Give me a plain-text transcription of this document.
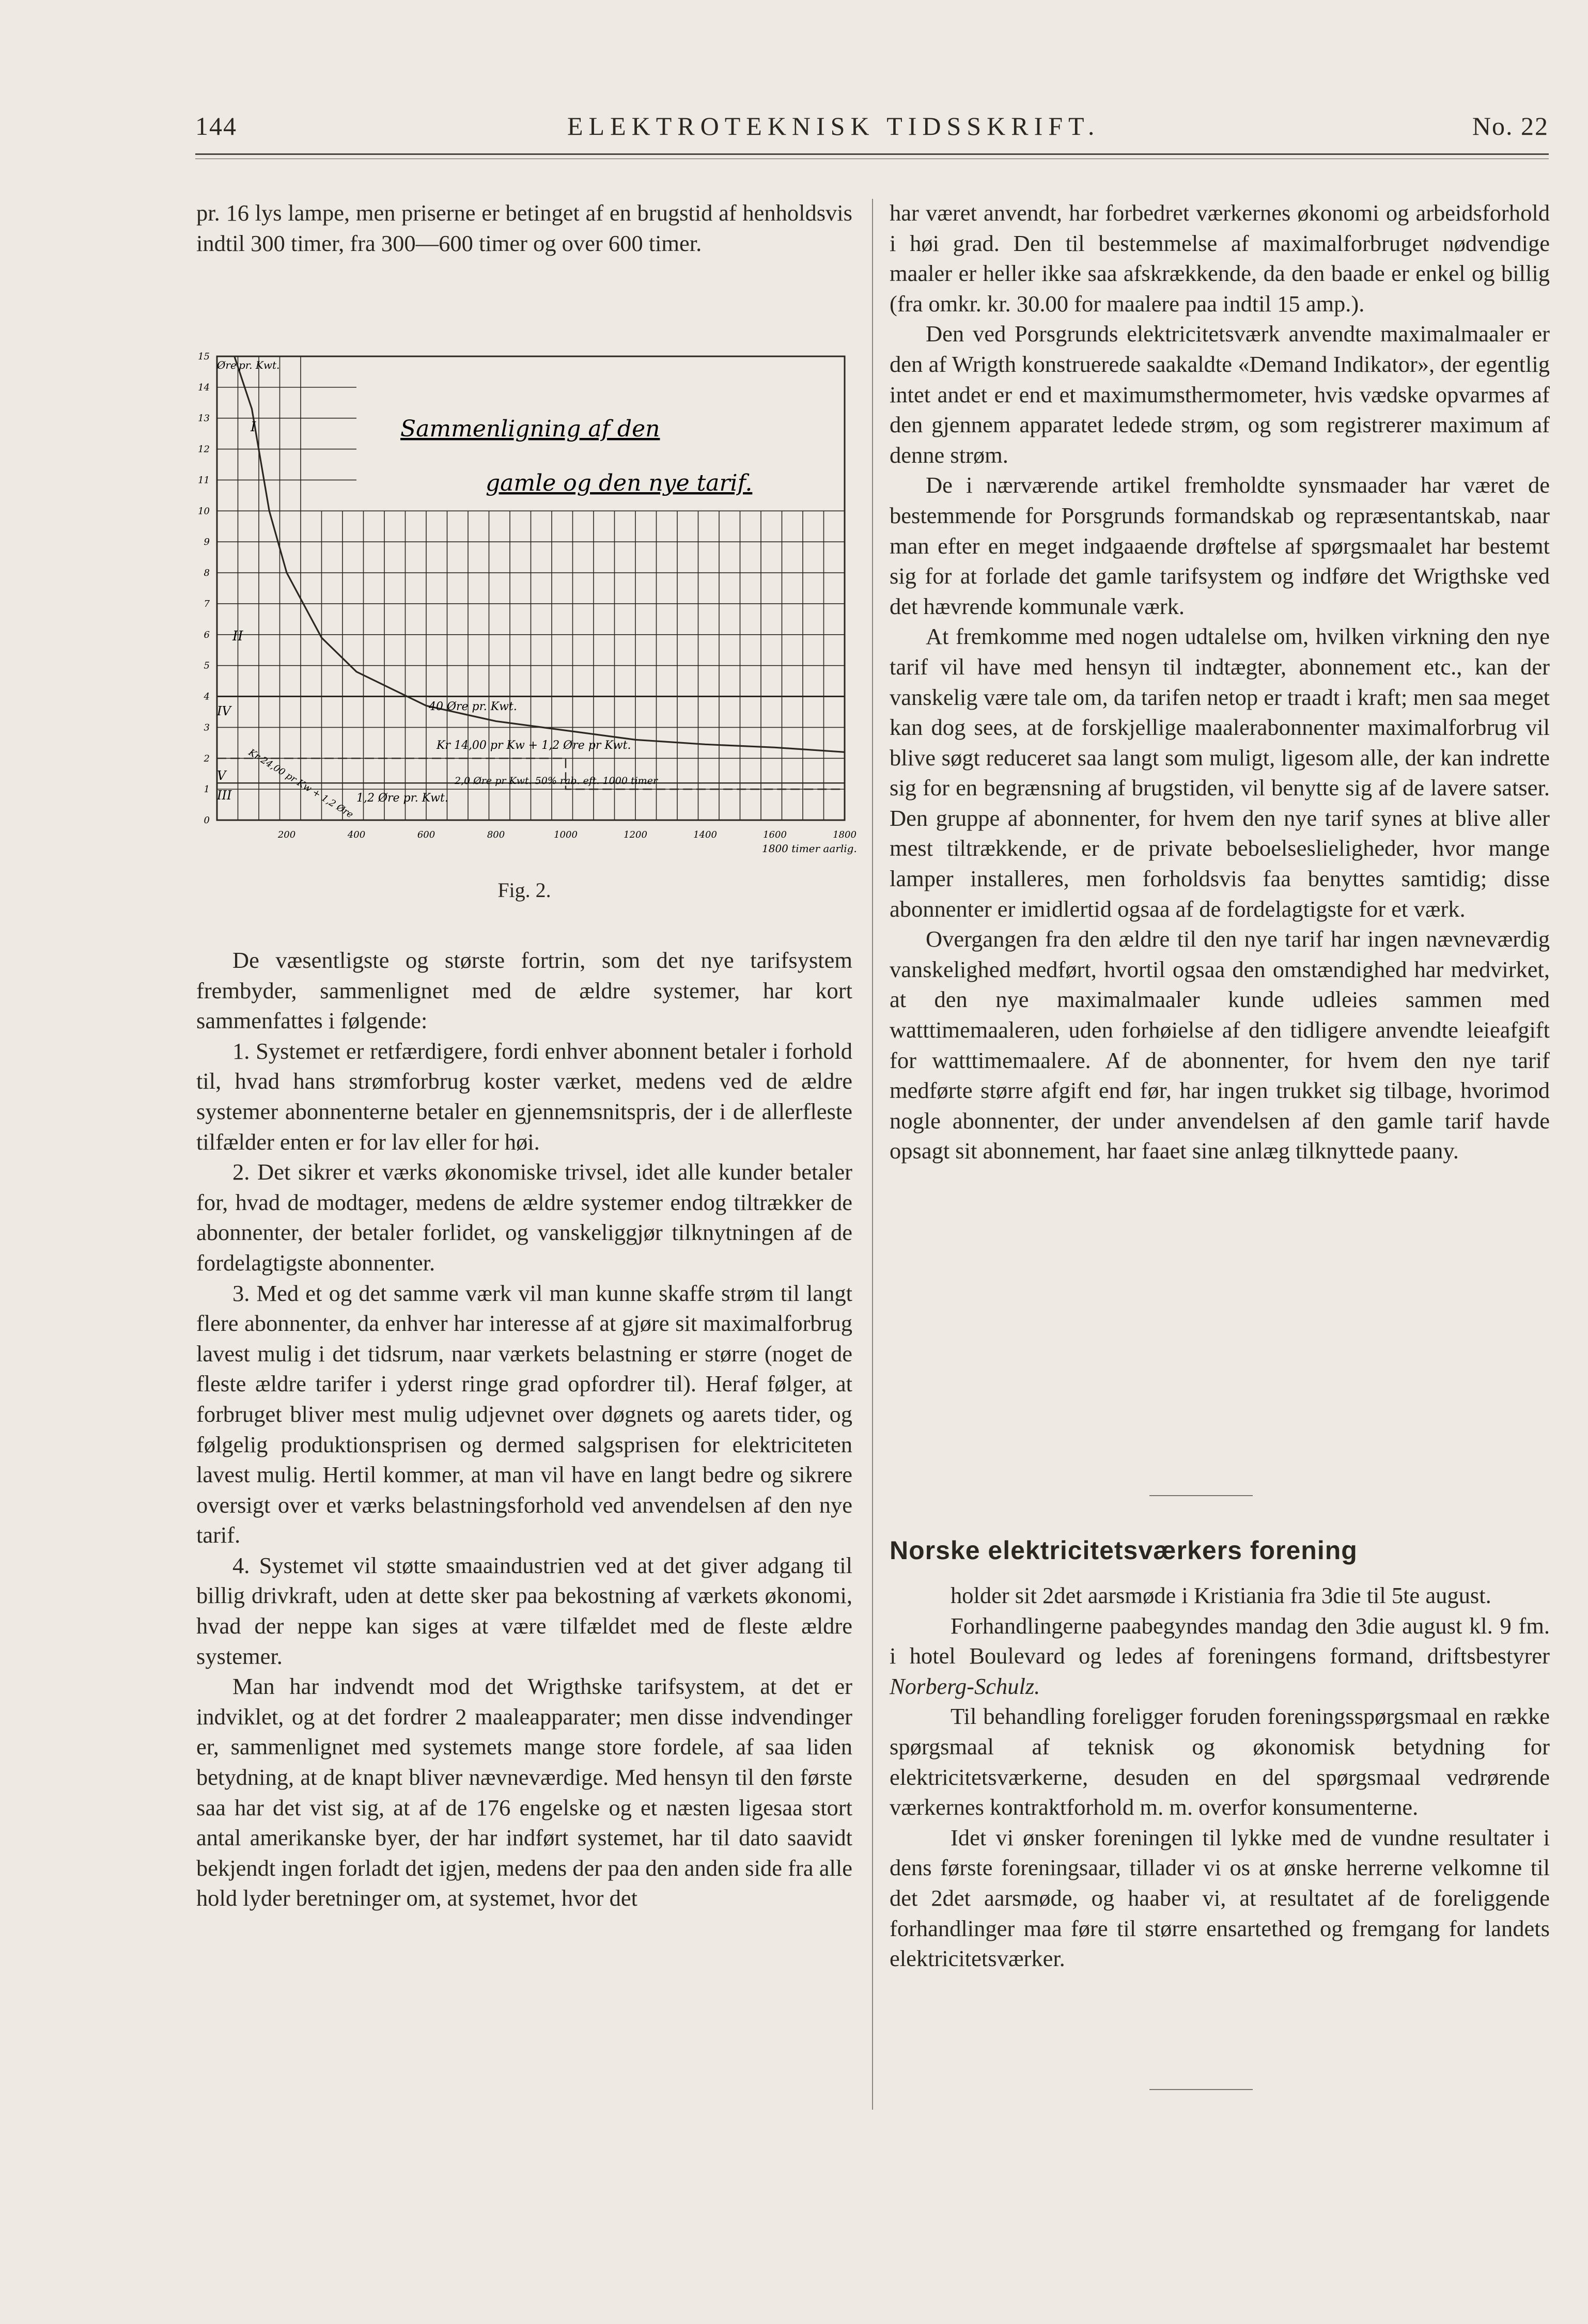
144	ELEKTROTEKNISK TIDSSKRIFT.	No. 22

pr. 16 lys lampe, men priserne er betinget af en brugstid af henholdsvis indtil 300 timer, fra 300—600 timer og over 600 timer.

0
1
2
3
4
5
6
7
8
9
10
11
12
13
14
15
200	400	600	800	1000	1200	1400	1600	1800
Øre pr. Kwt.
Sammenligning af den
gamle og den nye tarif.
I
II
IV
V
III
40 Øre pr. Kwt.
Kr 14,00 pr Kw + 1,2 Øre pr Kwt.
2,0 Øre pr Kwt. 50% rab. eft. 1000 timer
Kr 24,00 pr Kw + 1,2 Øre 1,2 Øre pr. Kwt.
1800 timer aarlig.
Fig. 2.

De væsentligste og største fortrin, som det nye tarifsystem frembyder, sammenlignet med de ældre systemer, har kort sammenfattes i følgende:

1. Systemet er retfærdigere, fordi enhver abonnent betaler i forhold til, hvad hans strømforbrug koster værket, medens ved de ældre systemer abonnenterne betaler en gjennemsnitspris, der i de allerfleste tilfælder enten er for lav eller for høi.

2. Det sikrer et værks økonomiske trivsel, idet alle kunder betaler for, hvad de modtager, medens de ældre systemer endog tiltrækker de abonnenter, der betaler forlidet, og vanskeliggjør tilknytningen af de fordelagtigste abonnenter.

3. Med et og det samme værk vil man kunne skaffe strøm til langt flere abonnenter, da enhver har interesse af at gjøre sit maximalforbrug lavest mulig i det tidsrum, naar værkets belastning er større (noget de fleste ældre tarifer i yderst ringe grad opfordrer til). Heraf følger, at forbruget bliver mest mulig udjevnet over døgnets og aarets tider, og følgelig produktionsprisen og dermed salgsprisen for elektriciteten lavest mulig. Hertil kommer, at man vil have en langt bedre og sikrere oversigt over et værks belastningsforhold ved anvendelsen af den nye tarif.

4. Systemet vil støtte smaaindustrien ved at det giver adgang til billig drivkraft, uden at dette sker paa bekostning af værkets økonomi, hvad der neppe kan siges at være tilfældet med de fleste ældre systemer.

Man har indvendt mod det Wrigthske tarifsystem, at det er indviklet, og at det fordrer 2 maaleapparater; men disse indvendinger er, sammenlignet med systemets mange store fordele, af saa liden betydning, at de knapt bliver nævneværdige. Med hensyn til den første saa har det vist sig, at af de 176 engelske og et næsten ligesaa stort antal amerikanske byer, der har indført systemet, har til dato saavidt bekjendt ingen forladt det igjen, medens der paa den anden side fra alle hold lyder beretninger om, at systemet, hvor det

har været anvendt, har forbedret værkernes økonomi og arbeidsforhold i høi grad. Den til bestemmelse af maximalforbruget nødvendige maaler er heller ikke saa afskrækkende, da den baade er enkel og billig (fra omkr. kr. 30.00 for maalere paa indtil 15 amp.).

Den ved Porsgrunds elektricitetsværk anvendte maximalmaaler er den af Wrigth konstruerede saakaldte «Demand Indikator», der egentlig intet andet er end et maximumsthermometer, hvis vædske opvarmes af den gjennem apparatet ledede strøm, og som registrerer maximum af denne strøm.

De i nærværende artikel fremholdte synsmaader har været de bestemmende for Porsgrunds formandskab og repræsentantskab, naar man efter en meget indgaaende drøftelse af spørgsmaalet har bestemt sig for at forlade det gamle tarifsystem og indføre det Wrigthske ved det hævrende kommunale værk.

At fremkomme med nogen udtalelse om, hvilken virkning den nye tarif vil have med hensyn til indtægter, abonnement etc., kan der vanskelig være tale om, da tarifen netop er traadt i kraft; men saa meget kan dog sees, at de forskjellige maalerabonnenter maximalforbrug vil blive søgt reduceret saa langt som muligt, ligesom alle, der kan indrette sig for en begrænsning af brugstiden, vil benytte sig af de lavere satser. Den gruppe af abonnenter, for hvem den nye tarif synes at blive aller mest tiltrækkende, er de private beboelseslieligheder, hvor mange lamper installeres, men forholdsvis faa benyttes samtidig; disse abonnenter er imidlertid ogsaa af de fordelagtigste for et værk.

Overgangen fra den ældre til den nye tarif har ingen nævneværdig vanskelighed medført, hvortil ogsaa den omstændighed har medvirket, at den nye maximalmaaler kunde udleies sammen med watttimemaaleren, uden forhøielse af den tidligere anvendte leieafgift for watttimemaalere. Af de abonnenter, for hvem den nye tarif medførte større afgift end før, har ingen trukket sig tilbage, hvorimod nogle abonnenter, der under anvendelsen af den gamle tarif havde opsagt sit abonnement, har faaet sine anlæg tilknyttede paany.

Norske elektricitetsværkers forening

holder sit 2det aarsmøde i Kristiania fra 3die til 5te august.

Forhandlingerne paabegyndes mandag den 3die august kl. 9 fm. i hotel Boulevard og ledes af foreningens formand, driftsbestyrer Norberg-Schulz.

Til behandling foreligger foruden foreningsspørgsmaal en række spørgsmaal af teknisk og økonomisk betydning for elektricitetsværkerne, desuden en del spørgsmaal vedrørende værkernes kontraktforhold m. m. overfor konsumenterne.

Idet vi ønsker foreningen til lykke med de vundne resultater i dens første foreningsaar, tillader vi os at ønske herrerne velkomne til det 2det aarsmøde, og haaber vi, at resultatet af de foreliggende forhandlinger maa føre til større ensartethed og fremgang for landets elektricitetsværker.
